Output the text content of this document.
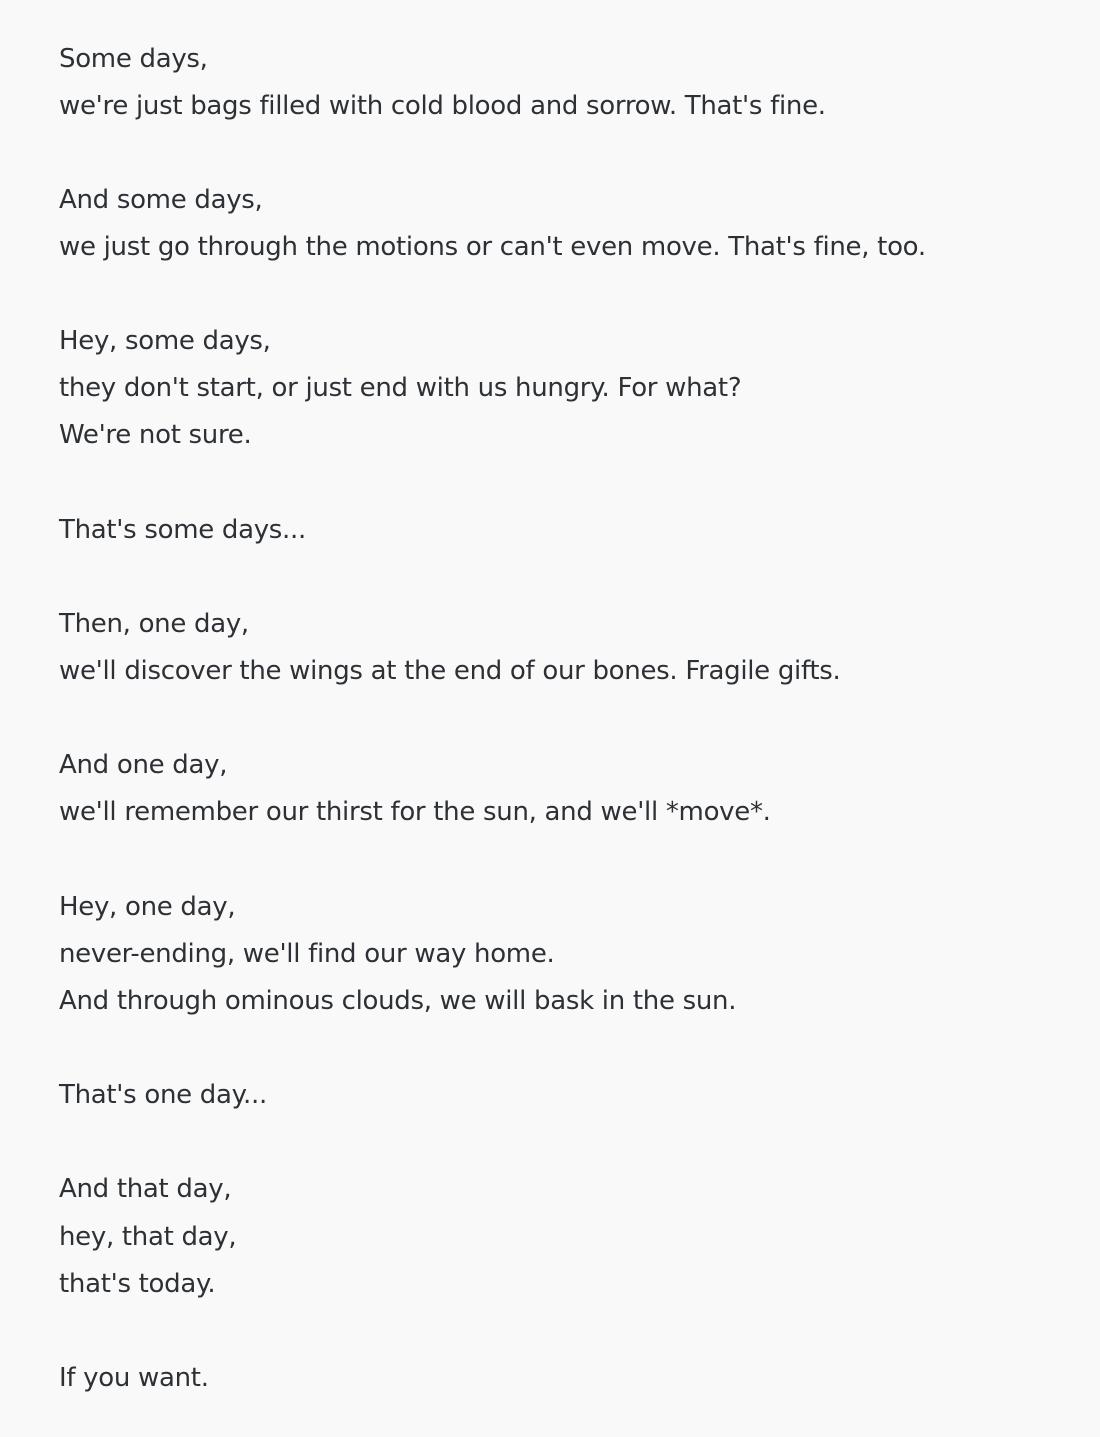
Some days,
we're just bags filled with cold blood and sorrow. That's fine.
And some days,
we just go through the motions or can't even move. That's fine, too.
Hey, some days,
they don't start, or just end with us hungry. For what?
We're not sure.
That's some days...
Then, one day,
we'll discover the wings at the end of our bones. Fragile gifts.
And one day,
we'll remember our thirst for the sun, and we'll *move*.
Hey, one day,
never-ending, we'll find our way home.
And through ominous clouds, we will bask in the sun.
That's one day...
And that day,
hey, that day,
that's today.
If you want.
